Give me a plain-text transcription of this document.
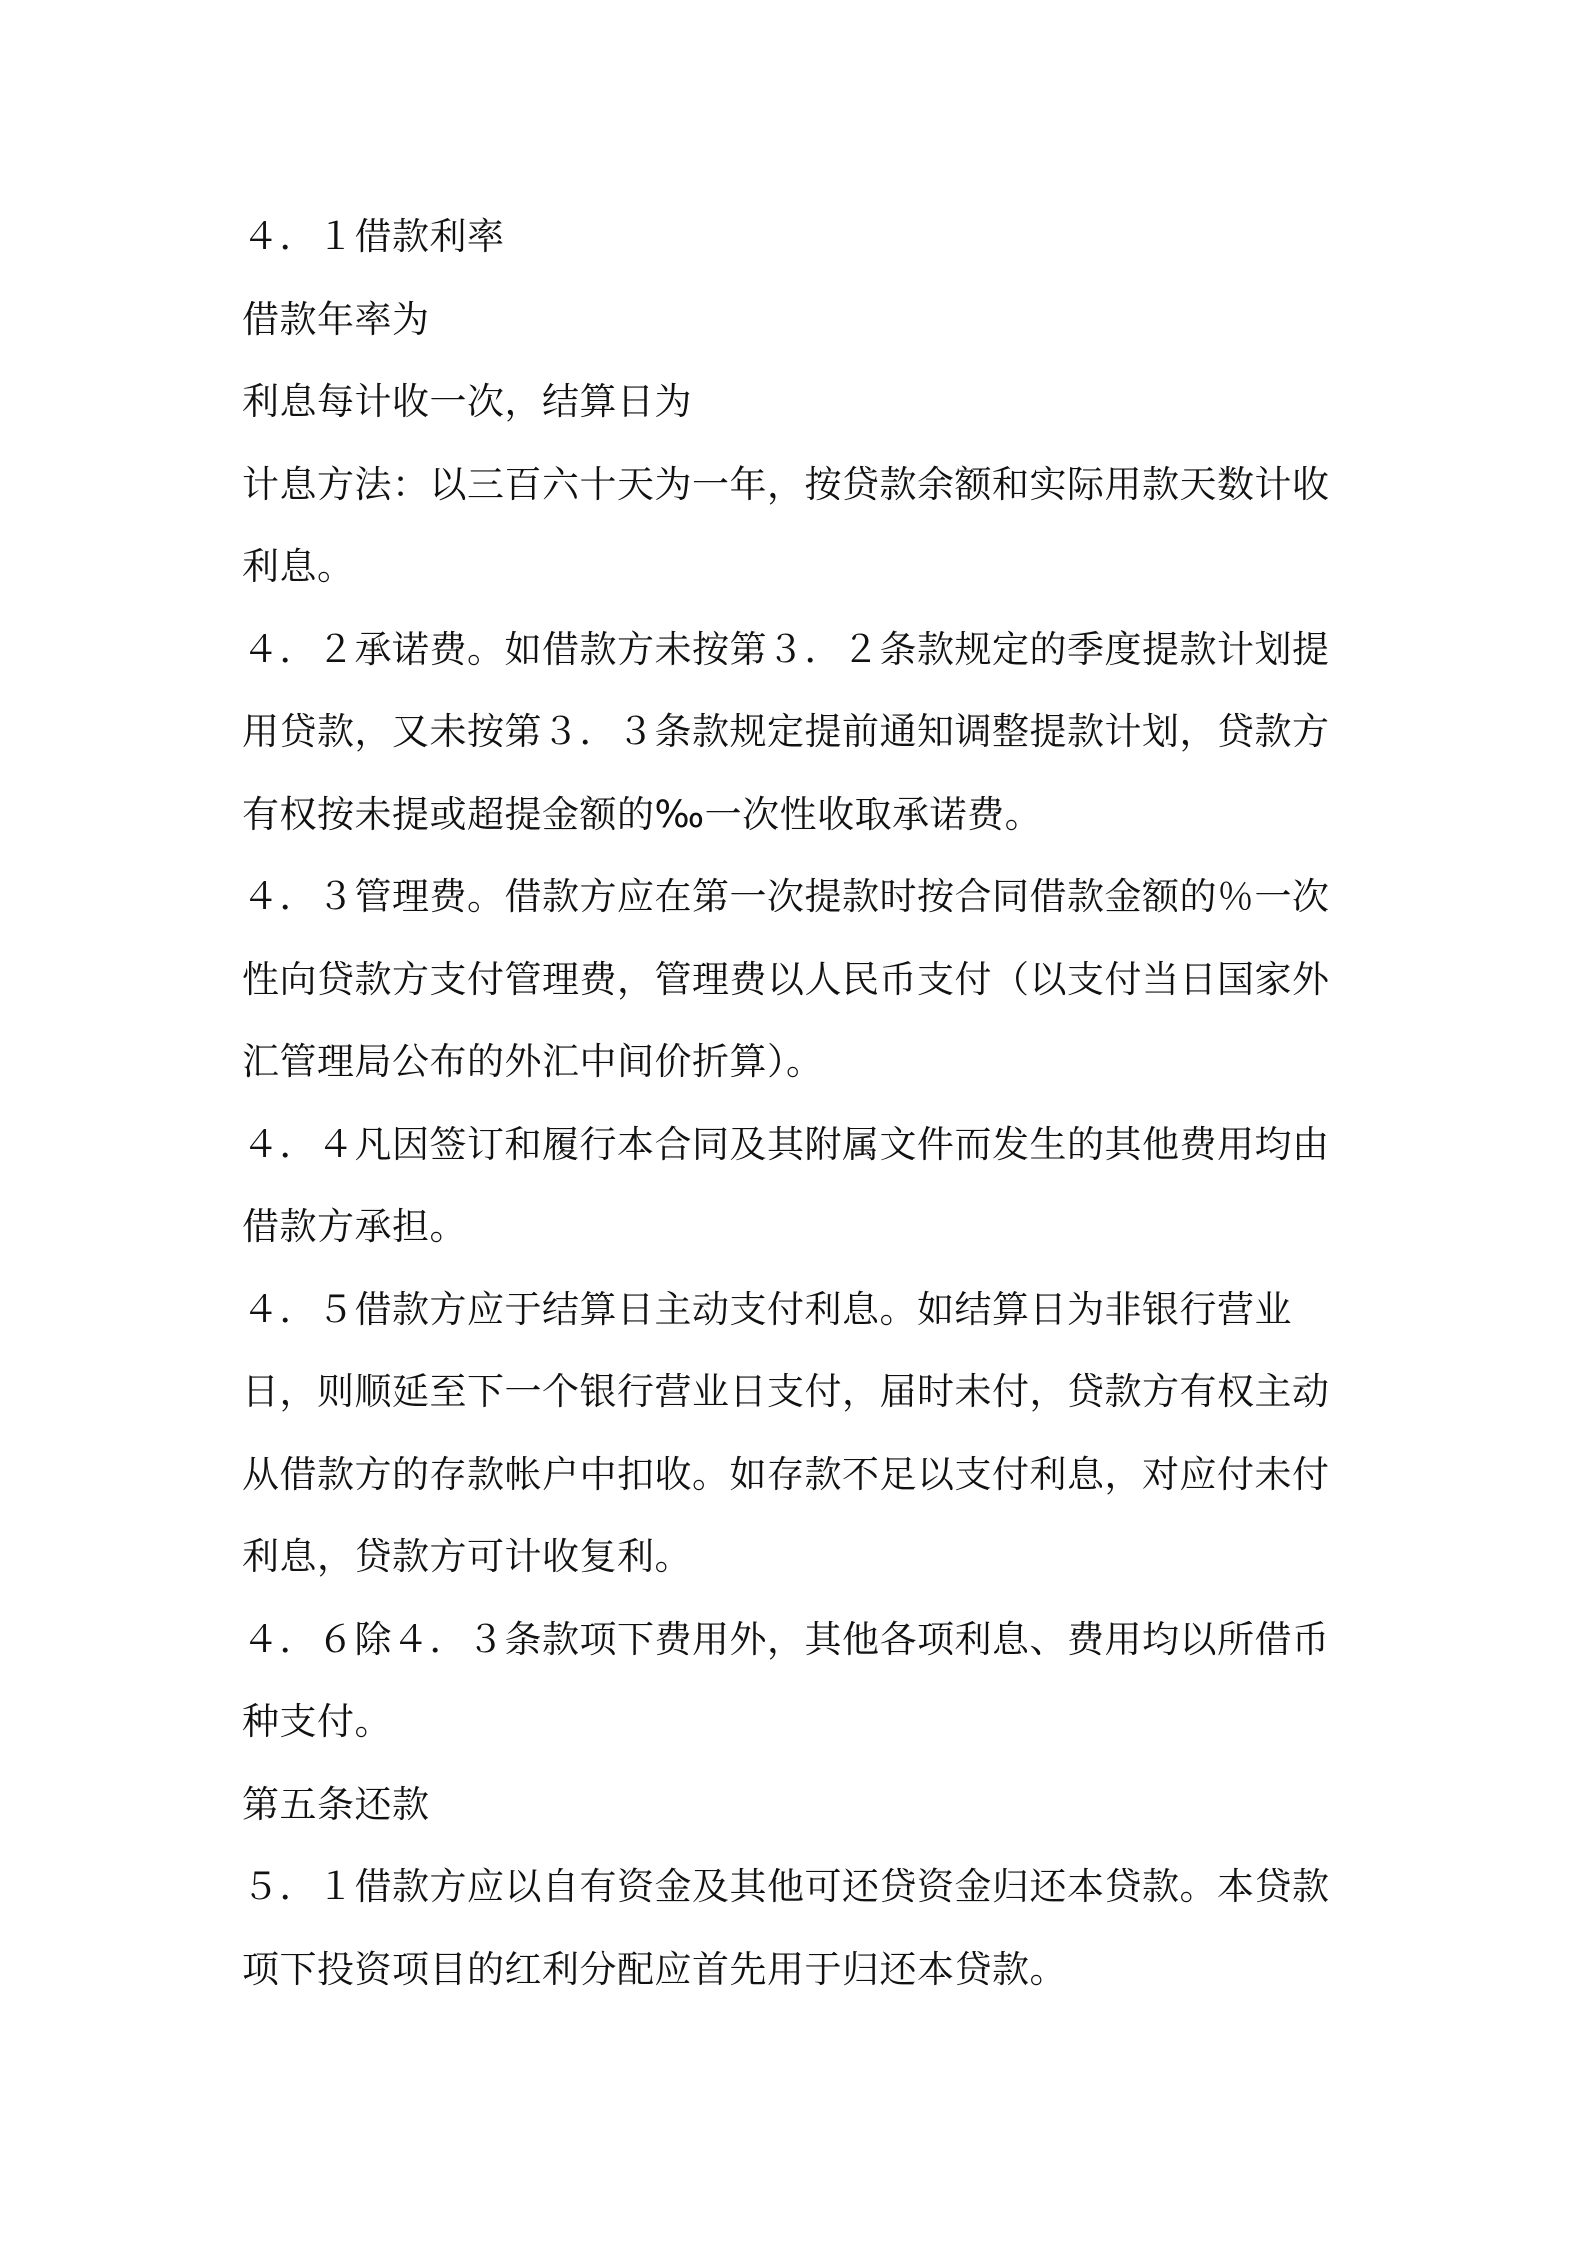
４．１借款利率

借款年率为

利息每计收一次，结算日为

计息方法：以三百六十天为一年，按贷款余额和实际用款天数计收利息。

４．２承诺费。如借款方未按第３．２条款规定的季度提款计划提用贷款，又未按第３．３条款规定提前通知调整提款计划，贷款方有权按未提或超提金额的‰一次性收取承诺费。

４．３管理费。借款方应在第一次提款时按合同借款金额的％一次性向贷款方支付管理费，管理费以人民币支付（以支付当日国家外汇管理局公布的外汇中间价折算）。

４．４凡因签订和履行本合同及其附属文件而发生的其他费用均由借款方承担。

４．５借款方应于结算日主动支付利息。如结算日为非银行营业日，则顺延至下一个银行营业日支付，届时未付，贷款方有权主动从借款方的存款帐户中扣收。如存款不足以支付利息，对应付未付利息，贷款方可计收复利。

４．６除４．３条款项下费用外，其他各项利息、费用均以所借币种支付。

第五条还款

５．１借款方应以自有资金及其他可还贷资金归还本贷款。本贷款项下投资项目的红利分配应首先用于归还本贷款。
